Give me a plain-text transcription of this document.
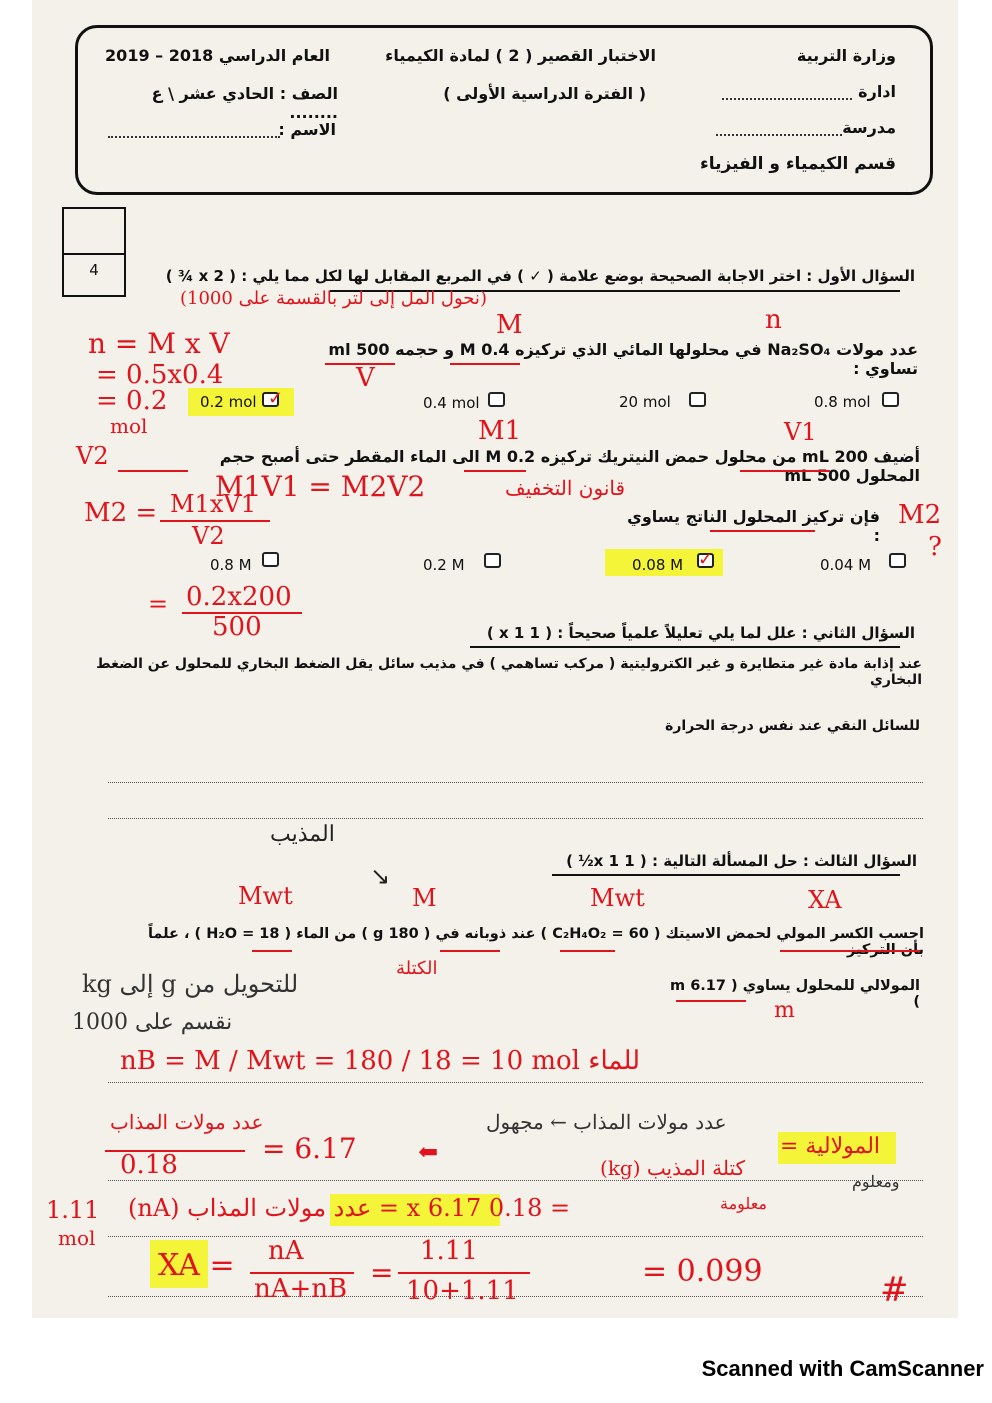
وزارة التربية
ادارة
مدرسة
قسم الكيمياء و الفيزياء
الاختبار القصير ( 2 ) لمادة الكيمياء
( الفترة الدراسية الأولى )
العام الدراسي 2018 – 2019
الصف : الحادي عشر \ ع ........
الاسم :
4	السؤال الأول : اختر الاجابة الصحيحة بوضع علامة ( ✓ ) في المربع المقابل لها لكل مما يلي : ( 2 x ¾ )
عدد مولات Na₂SO₄ في محلولها المائي الذي تركيزه 0.4 M و حجمه 500 ml تساوي :
0.8 mol
20 mol
0.4 mol
0.2 mol
أضيف 200 mL من محلول حمض النيتريك تركيزه 0.2 M الى الماء المقطر حتى أصبح حجم المحلول 500 mL
فإن تركيز المحلول الناتج يساوي :
0.04 M
0.08 M
0.2 M
0.8 M
السؤال الثاني : علل لما يلي تعليلاً علمياً صحيحاً : ( 1 x 1 )
عند إذابة مادة غير متطايرة و غير الكتروليتية ( مركب تساهمي ) في مذيب سائل يقل الضغط البخاري للمحلول عن الضغط البخاري
للسائل النقي عند نفس درجة الحرارة
السؤال الثالث : حل المسألة التالية : ( 1 x 1½ )
احسب الكسر المولي لحمض الاسيتك ( C₂H₄O₂ = 60 ) عند ذوبانه في ( 180 g ) من الماء ( H₂O = 18 ) ، علماً بأن التركيز
المولالي للمحلول يساوي ( 6.17 m )
(نحول المل إلى لتر بالقسمة على 1000)
M	n
V
n = M x V
= 0.5x0.4
= 0.2
mol
✓
M1	V1
V2
M1V1 = M2V2	قانون التخفيف
M2
?
M2 = M1xV1
V2
= 0.2x200
500
✓
المذيب
↘
Mwt	M	Mwt	XA
الكتلة
m
للتحويل من g إلى kg
نقسم على 1000
للماء nB = M / Mwt = 180 / 18 = 10 mol
عدد مولات المذاب
0.18	= 6.17	⬅
عدد مولات المذاب ← مجهول
المولالية =
ومعلوم
كتلة المذيب (kg)
معلومة
1.11
mol
= 0.18 x 6.17 = عدد مولات المذاب (nA)
XA = nA
nA+nB =
1.11
10+1.11
= 0.099	#
Scanned with CamScanner
